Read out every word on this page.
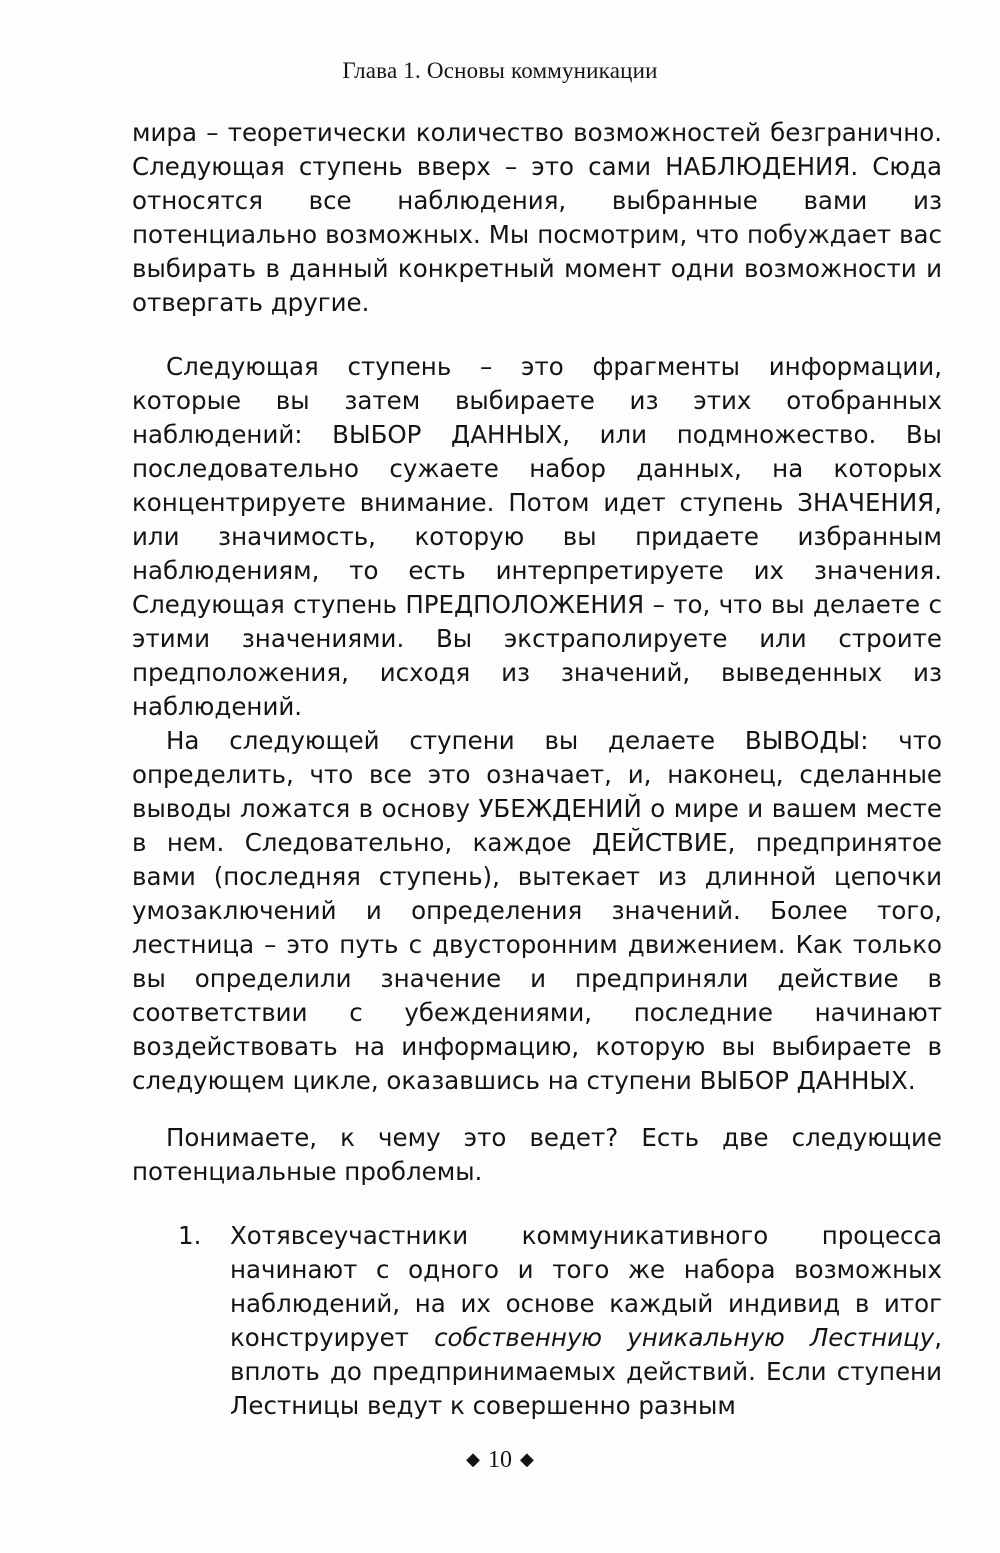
Глава 1. Основы коммуникации

мира – теоретически количество возможностей безгранично. Следующая ступень вверх – это сами НАБЛЮДЕНИЯ. Сюда относятся все наблюдения, выбранные вами из потенциально возможных. Мы посмотрим, что побуждает вас выбирать в данный конкретный момент одни возможности и отвергать другие.

Следующая ступень – это фрагменты информации, которые вы затем выбираете из этих отобранных наблюдений: ВЫБОР ДАННЫХ, или подмножество. Вы последовательно сужаете набор данных, на которых концентрируете внимание. Потом идет ступень ЗНАЧЕНИЯ, или значимость, которую вы придаете избранным наблюдениям, то есть интерпретируете их значения. Следующая ступень ПРЕДПОЛОЖЕНИЯ – то, что вы делаете с этими значениями. Вы экстраполируете или строите предположения, исходя из значений, выведенных из наблюдений.

На следующей ступени вы делаете ВЫВОДЫ: что определить, что все это означает, и, наконец, сделанные выводы ложатся в основу УБЕЖДЕНИЙ о мире и вашем месте в нем. Следовательно, каждое ДЕЙСТВИЕ, предпринятое вами (последняя ступень), вытекает из длинной цепочки умозаключений и определения значений. Более того, лестница – это путь с двусторонним движением. Как только вы определили значение и предприняли действие в соответствии с убеждениями, последние начинают воздействовать на информацию, которую вы выбираете в следующем цикле, оказавшись на ступени ВЫБОР ДАННЫХ.

Понимаете, к чему это ведет? Есть две следующие потенциальные проблемы.

1.	Хотявсеучастники коммуникативного процесса начинают с одного и того же набора возможных наблюдений, на их основе каждый индивид в итог конструирует собственную уникальную Лестницу, вплоть до предпринимаемых действий. Если ступени Лестницы ведут к совершенно разным
◆ 10 ◆
